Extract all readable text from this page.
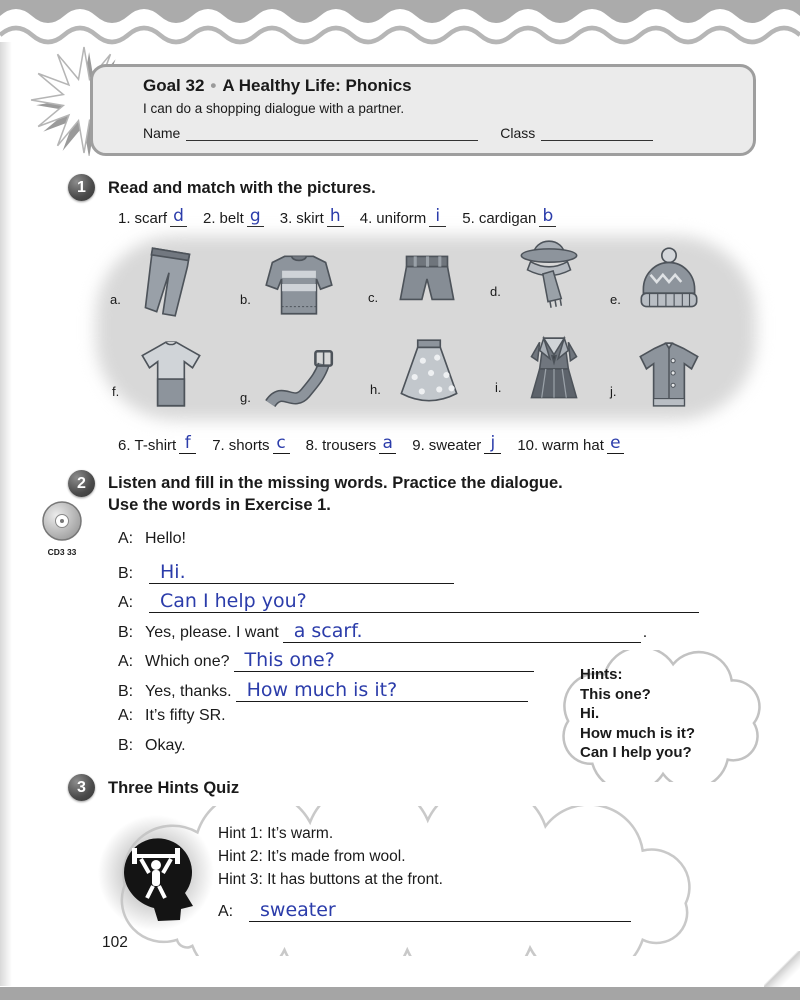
Goal 32 • A Healthy Life: Phonics
I can do a shopping dialogue with a partner.
Name	Class
1 Read and match with the pictures.
1. scarf d 2. belt g 3. skirt h 4. uniform i	5. cardigan b
a.	b.	c.	d.
e.
f.	g.
h.	i.	j.
6. T-shirt f	7. shorts c 8. trousers a 9. sweater j	10. warm hat e
2 Listen and fill in the missing words. Practice the dialogue.
Use the words in Exercise 1.
CD3 33
A: Hello!
B: Hi.
A: Can I help you?
B: Yes, please. I want a scarf.	.
A: Which one? This one?
B: Yes, thanks. How much is it?
A: It’s fifty SR.
B: Okay.
Hints:
This one?
Hi.
How much is it?
Can I help you?
3 Three Hints Quiz
Hint 1: It’s warm.
Hint 2: It’s made from wool.
Hint 3: It has buttons at the front.
A: sweater
102
